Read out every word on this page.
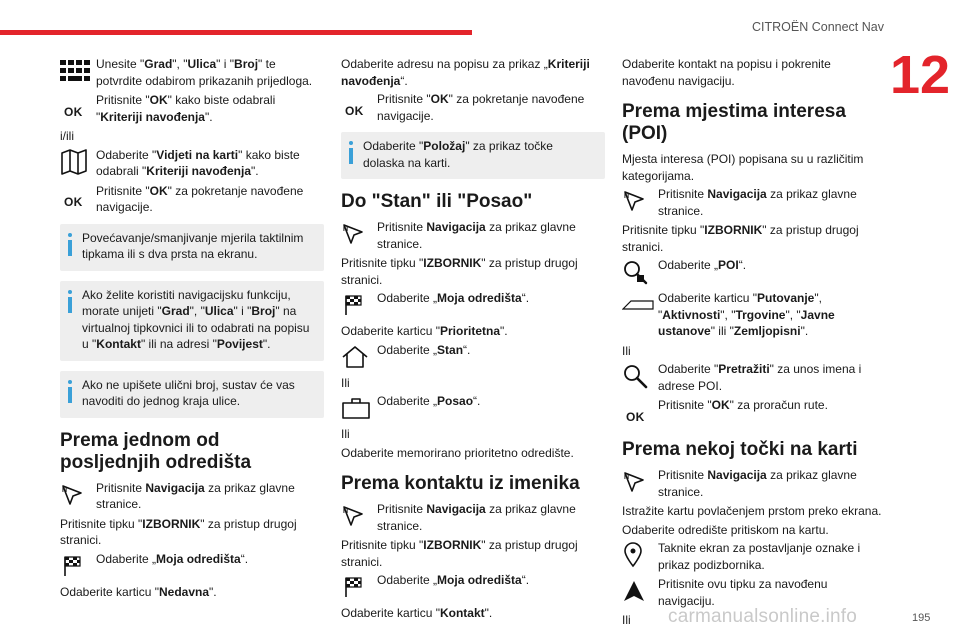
CITROËN Connect Nav
12
Unesite "Grad", "Ulica" i "Broj" te potvrdite odabirom prikazanih prijedloga.
OK
Pritisnite "OK" kako biste odabrali "Kriteriji navođenja".
i/ili
Odaberite "Vidjeti na karti" kako biste odabrali "Kriteriji navođenja".
OK
Pritisnite "OK" za pokretanje navođene navigacije.
Povećavanje/smanjivanje mjerila taktilnim tipkama ili s dva prsta na ekranu.
Ako želite koristiti navigacijsku funkciju, morate unijeti "Grad", "Ulica" i "Broj" na virtualnoj tipkovnici ili to odabrati na popisu u "Kontakt" ili na adresi "Povijest".
Ako ne upišete ulični broj, sustav će vas navoditi do jednog kraja ulice.
Prema jednom od posljednjih odredišta
N Pritisnite Navigacija za prikaz glavne stranice.
Pritisnite tipku "IZBORNIK" za pristup drugoj stranici.
Odaberite „Moja odredišta“.
Odaberite karticu "Nedavna".
Odaberite adresu na popisu za prikaz „Kriteriji navođenja“.
OK
Pritisnite "OK" za pokretanje navođene navigacije.
Odaberite "Položaj" za prikaz točke dolaska na karti.
Do "Stan" ili "Posao"
N Pritisnite Navigacija za prikaz glavne stranice.
Pritisnite tipku "IZBORNIK" za pristup drugoj stranici.
Odaberite „Moja odredišta“.
Odaberite karticu "Prioritetna".
Odaberite „Stan“.
Ili
Odaberite „Posao“.
Ili
Odaberite memorirano prioritetno odredište.
Prema kontaktu iz imenika
N Pritisnite Navigacija za prikaz glavne stranice.
Pritisnite tipku "IZBORNIK" za pristup drugoj stranici.
Odaberite „Moja odredišta“.
Odaberite karticu "Kontakt".
Odaberite kontakt na popisu i pokrenite navođenu navigaciju.
Prema mjestima interesa (POI)
Mjesta interesa (POI) popisana su u različitim kategorijama.
N Pritisnite Navigacija za prikaz glavne stranice.
Pritisnite tipku "IZBORNIK" za pristup drugoj stranici.
Odaberite „POI“.
Odaberite karticu "Putovanje", "Aktivnosti", "Trgovine", "Javne ustanove" ili "Zemljopisni".
Ili
Odaberite "Pretražiti" za unos imena i adrese POI.
OK
Pritisnite "OK" za proračun rute.
Prema nekoj točki na karti
N Pritisnite Navigacija za prikaz glavne stranice.
Istražite kartu povlačenjem prstom preko ekrana.
Odaberite odredište pritiskom na kartu.
Taknite ekran za postavljanje oznake i prikaz podizbornika.
Pritisnite ovu tipku za navođenu navigaciju.
Ili	carmanualsonline.info	195
